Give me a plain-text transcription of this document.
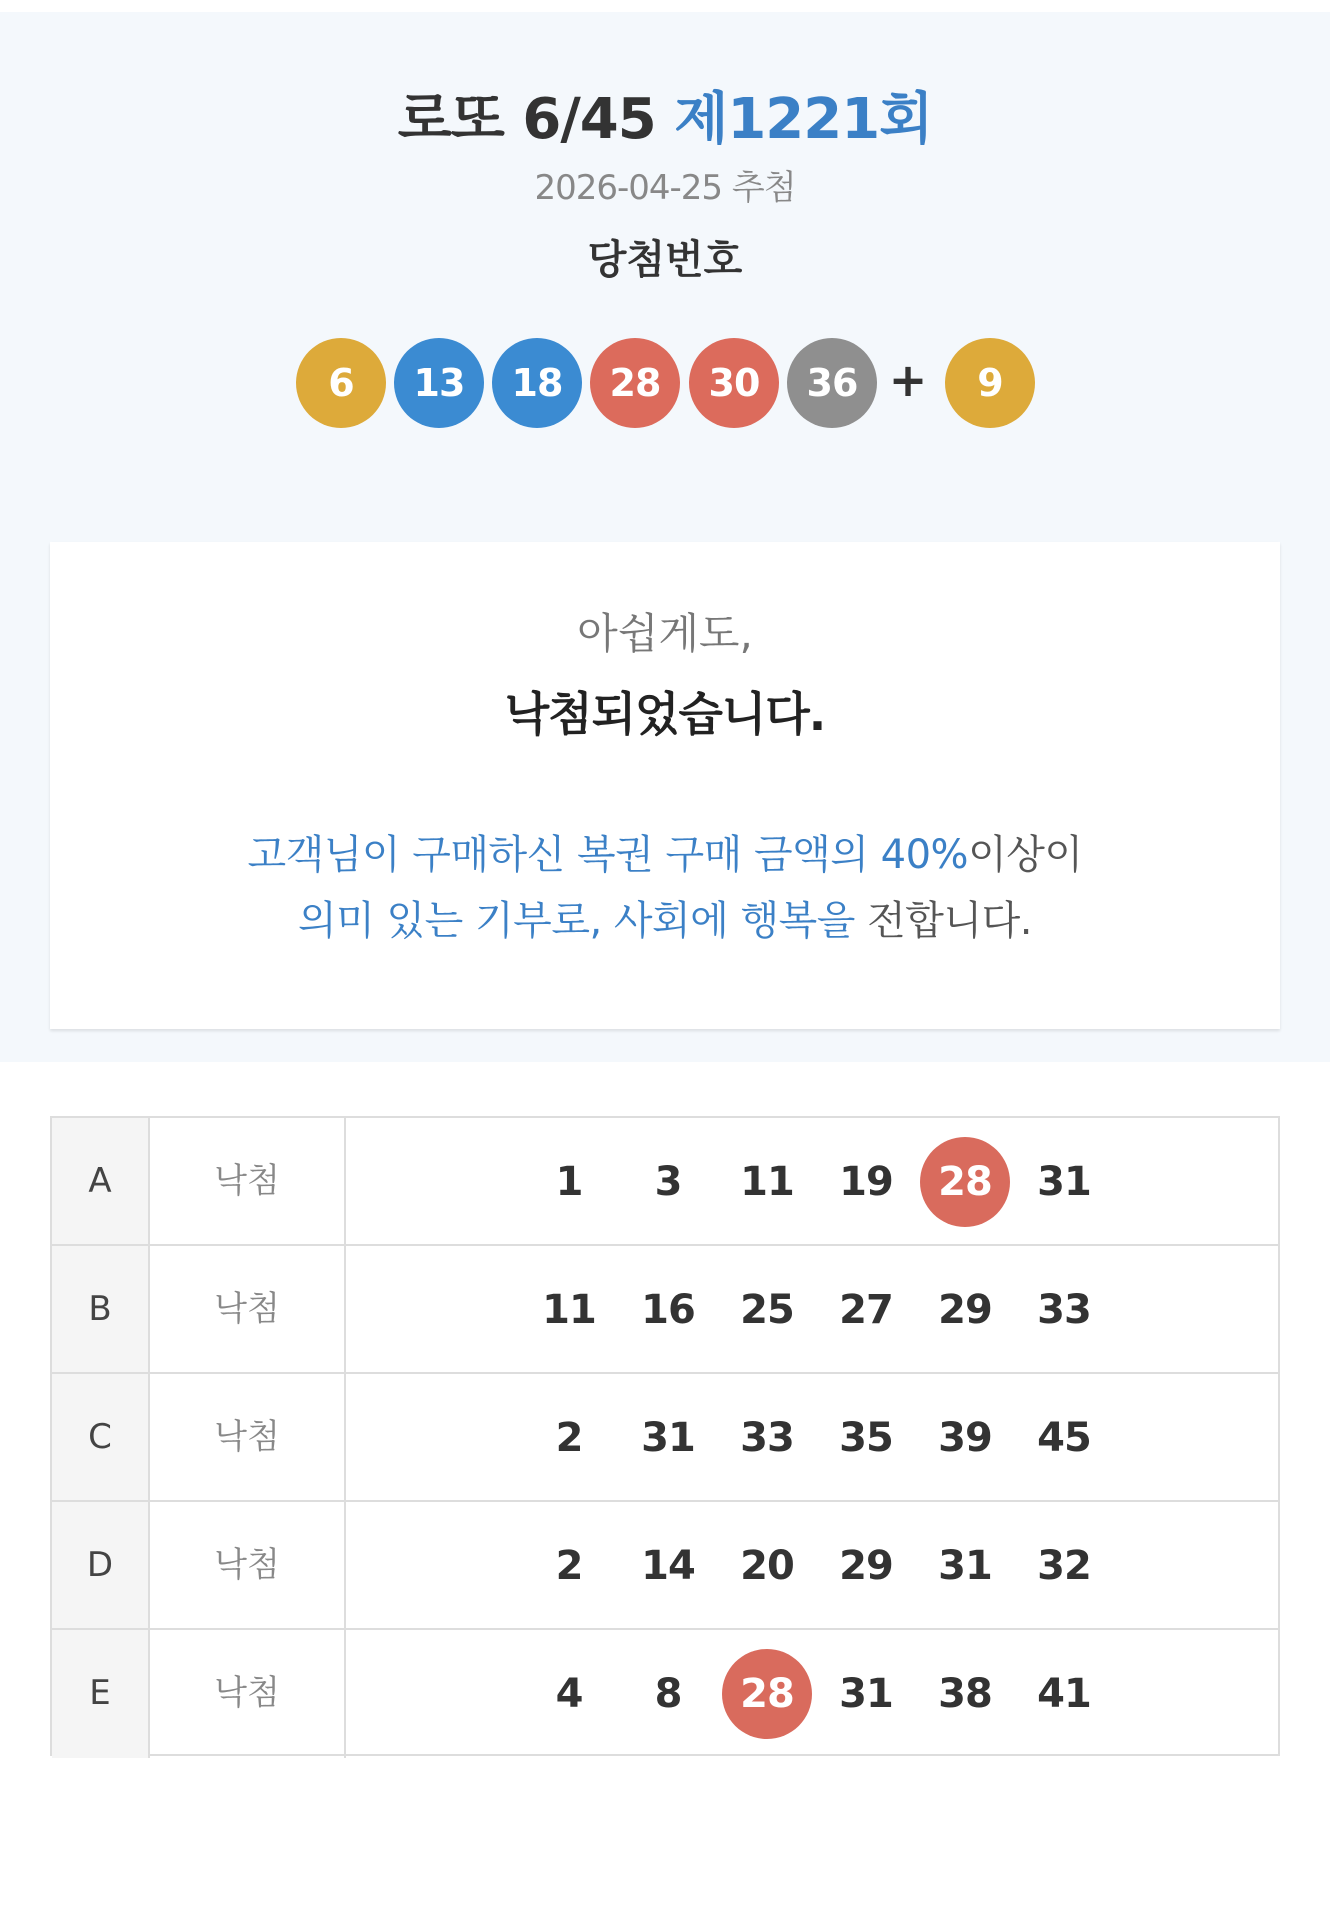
로또 6/45 제1221회
2026-04-25 추첨
당첨번호
6	13	18	28	30	36 +	9
아쉽게도,
낙첨되었습니다.
고객님이 구매하신 복권 구매 금액의 40%이상이
의미 있는 기부로, 사회에 행복을 전합니다.
A	낙첨	1	3	11	19	28	31
B	낙첨	11	16	25	27	29	33
C	낙첨	2	31	33	35	39	45
D	낙첨	2	14	20	29	31	32
E	낙첨	4	8	28	31	38	41
